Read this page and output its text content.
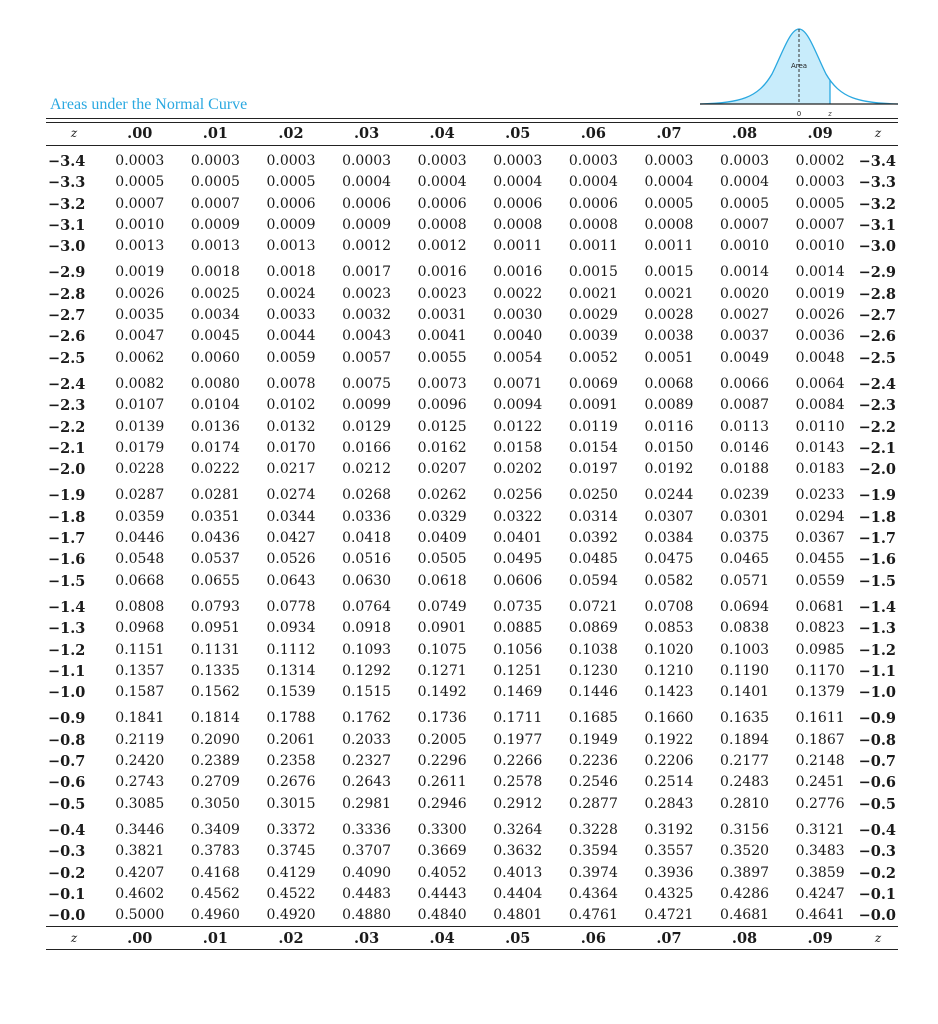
Areas under the Normal Curve
Area
0	z
z	.00	.01	.02	.03	.04	.05	.06	.07	.08	.09	z

−3.4	0.0003	0.0003	0.0003	0.0003	0.0003	0.0003	0.0003	0.0003	0.0003	0.0002	−3.4
−3.3	0.0005	0.0005	0.0005	0.0004	0.0004	0.0004	0.0004	0.0004	0.0004	0.0003	−3.3
−3.2	0.0007	0.0007	0.0006	0.0006	0.0006	0.0006	0.0006	0.0005	0.0005	0.0005	−3.2
−3.1	0.0010	0.0009	0.0009	0.0009	0.0008	0.0008	0.0008	0.0008	0.0007	0.0007	−3.1
−3.0	0.0013	0.0013	0.0013	0.0012	0.0012	0.0011	0.0011	0.0011	0.0010	0.0010	−3.0
−2.9	0.0019	0.0018	0.0018	0.0017	0.0016	0.0016	0.0015	0.0015	0.0014	0.0014	−2.9
−2.8	0.0026	0.0025	0.0024	0.0023	0.0023	0.0022	0.0021	0.0021	0.0020	0.0019	−2.8
−2.7	0.0035	0.0034	0.0033	0.0032	0.0031	0.0030	0.0029	0.0028	0.0027	0.0026	−2.7
−2.6	0.0047	0.0045	0.0044	0.0043	0.0041	0.0040	0.0039	0.0038	0.0037	0.0036	−2.6
−2.5	0.0062	0.0060	0.0059	0.0057	0.0055	0.0054	0.0052	0.0051	0.0049	0.0048	−2.5
−2.4	0.0082	0.0080	0.0078	0.0075	0.0073	0.0071	0.0069	0.0068	0.0066	0.0064	−2.4
−2.3	0.0107	0.0104	0.0102	0.0099	0.0096	0.0094	0.0091	0.0089	0.0087	0.0084	−2.3
−2.2	0.0139	0.0136	0.0132	0.0129	0.0125	0.0122	0.0119	0.0116	0.0113	0.0110	−2.2
−2.1	0.0179	0.0174	0.0170	0.0166	0.0162	0.0158	0.0154	0.0150	0.0146	0.0143	−2.1
−2.0	0.0228	0.0222	0.0217	0.0212	0.0207	0.0202	0.0197	0.0192	0.0188	0.0183	−2.0
−1.9	0.0287	0.0281	0.0274	0.0268	0.0262	0.0256	0.0250	0.0244	0.0239	0.0233	−1.9
−1.8	0.0359	0.0351	0.0344	0.0336	0.0329	0.0322	0.0314	0.0307	0.0301	0.0294	−1.8
−1.7	0.0446	0.0436	0.0427	0.0418	0.0409	0.0401	0.0392	0.0384	0.0375	0.0367	−1.7
−1.6	0.0548	0.0537	0.0526	0.0516	0.0505	0.0495	0.0485	0.0475	0.0465	0.0455	−1.6
−1.5	0.0668	0.0655	0.0643	0.0630	0.0618	0.0606	0.0594	0.0582	0.0571	0.0559	−1.5
−1.4	0.0808	0.0793	0.0778	0.0764	0.0749	0.0735	0.0721	0.0708	0.0694	0.0681	−1.4
−1.3	0.0968	0.0951	0.0934	0.0918	0.0901	0.0885	0.0869	0.0853	0.0838	0.0823	−1.3
−1.2	0.1151	0.1131	0.1112	0.1093	0.1075	0.1056	0.1038	0.1020	0.1003	0.0985	−1.2
−1.1	0.1357	0.1335	0.1314	0.1292	0.1271	0.1251	0.1230	0.1210	0.1190	0.1170	−1.1
−1.0	0.1587	0.1562	0.1539	0.1515	0.1492	0.1469	0.1446	0.1423	0.1401	0.1379	−1.0
−0.9	0.1841	0.1814	0.1788	0.1762	0.1736	0.1711	0.1685	0.1660	0.1635	0.1611	−0.9
−0.8	0.2119	0.2090	0.2061	0.2033	0.2005	0.1977	0.1949	0.1922	0.1894	0.1867	−0.8
−0.7	0.2420	0.2389	0.2358	0.2327	0.2296	0.2266	0.2236	0.2206	0.2177	0.2148	−0.7
−0.6	0.2743	0.2709	0.2676	0.2643	0.2611	0.2578	0.2546	0.2514	0.2483	0.2451	−0.6
−0.5	0.3085	0.3050	0.3015	0.2981	0.2946	0.2912	0.2877	0.2843	0.2810	0.2776	−0.5
−0.4	0.3446	0.3409	0.3372	0.3336	0.3300	0.3264	0.3228	0.3192	0.3156	0.3121	−0.4
−0.3	0.3821	0.3783	0.3745	0.3707	0.3669	0.3632	0.3594	0.3557	0.3520	0.3483	−0.3
−0.2	0.4207	0.4168	0.4129	0.4090	0.4052	0.4013	0.3974	0.3936	0.3897	0.3859	−0.2
−0.1	0.4602	0.4562	0.4522	0.4483	0.4443	0.4404	0.4364	0.4325	0.4286	0.4247	−0.1
−0.0	0.5000	0.4960	0.4920	0.4880	0.4840	0.4801	0.4761	0.4721	0.4681	0.4641	−0.0

z	.00	.01	.02	.03	.04	.05	.06	.07	.08	.09	z
